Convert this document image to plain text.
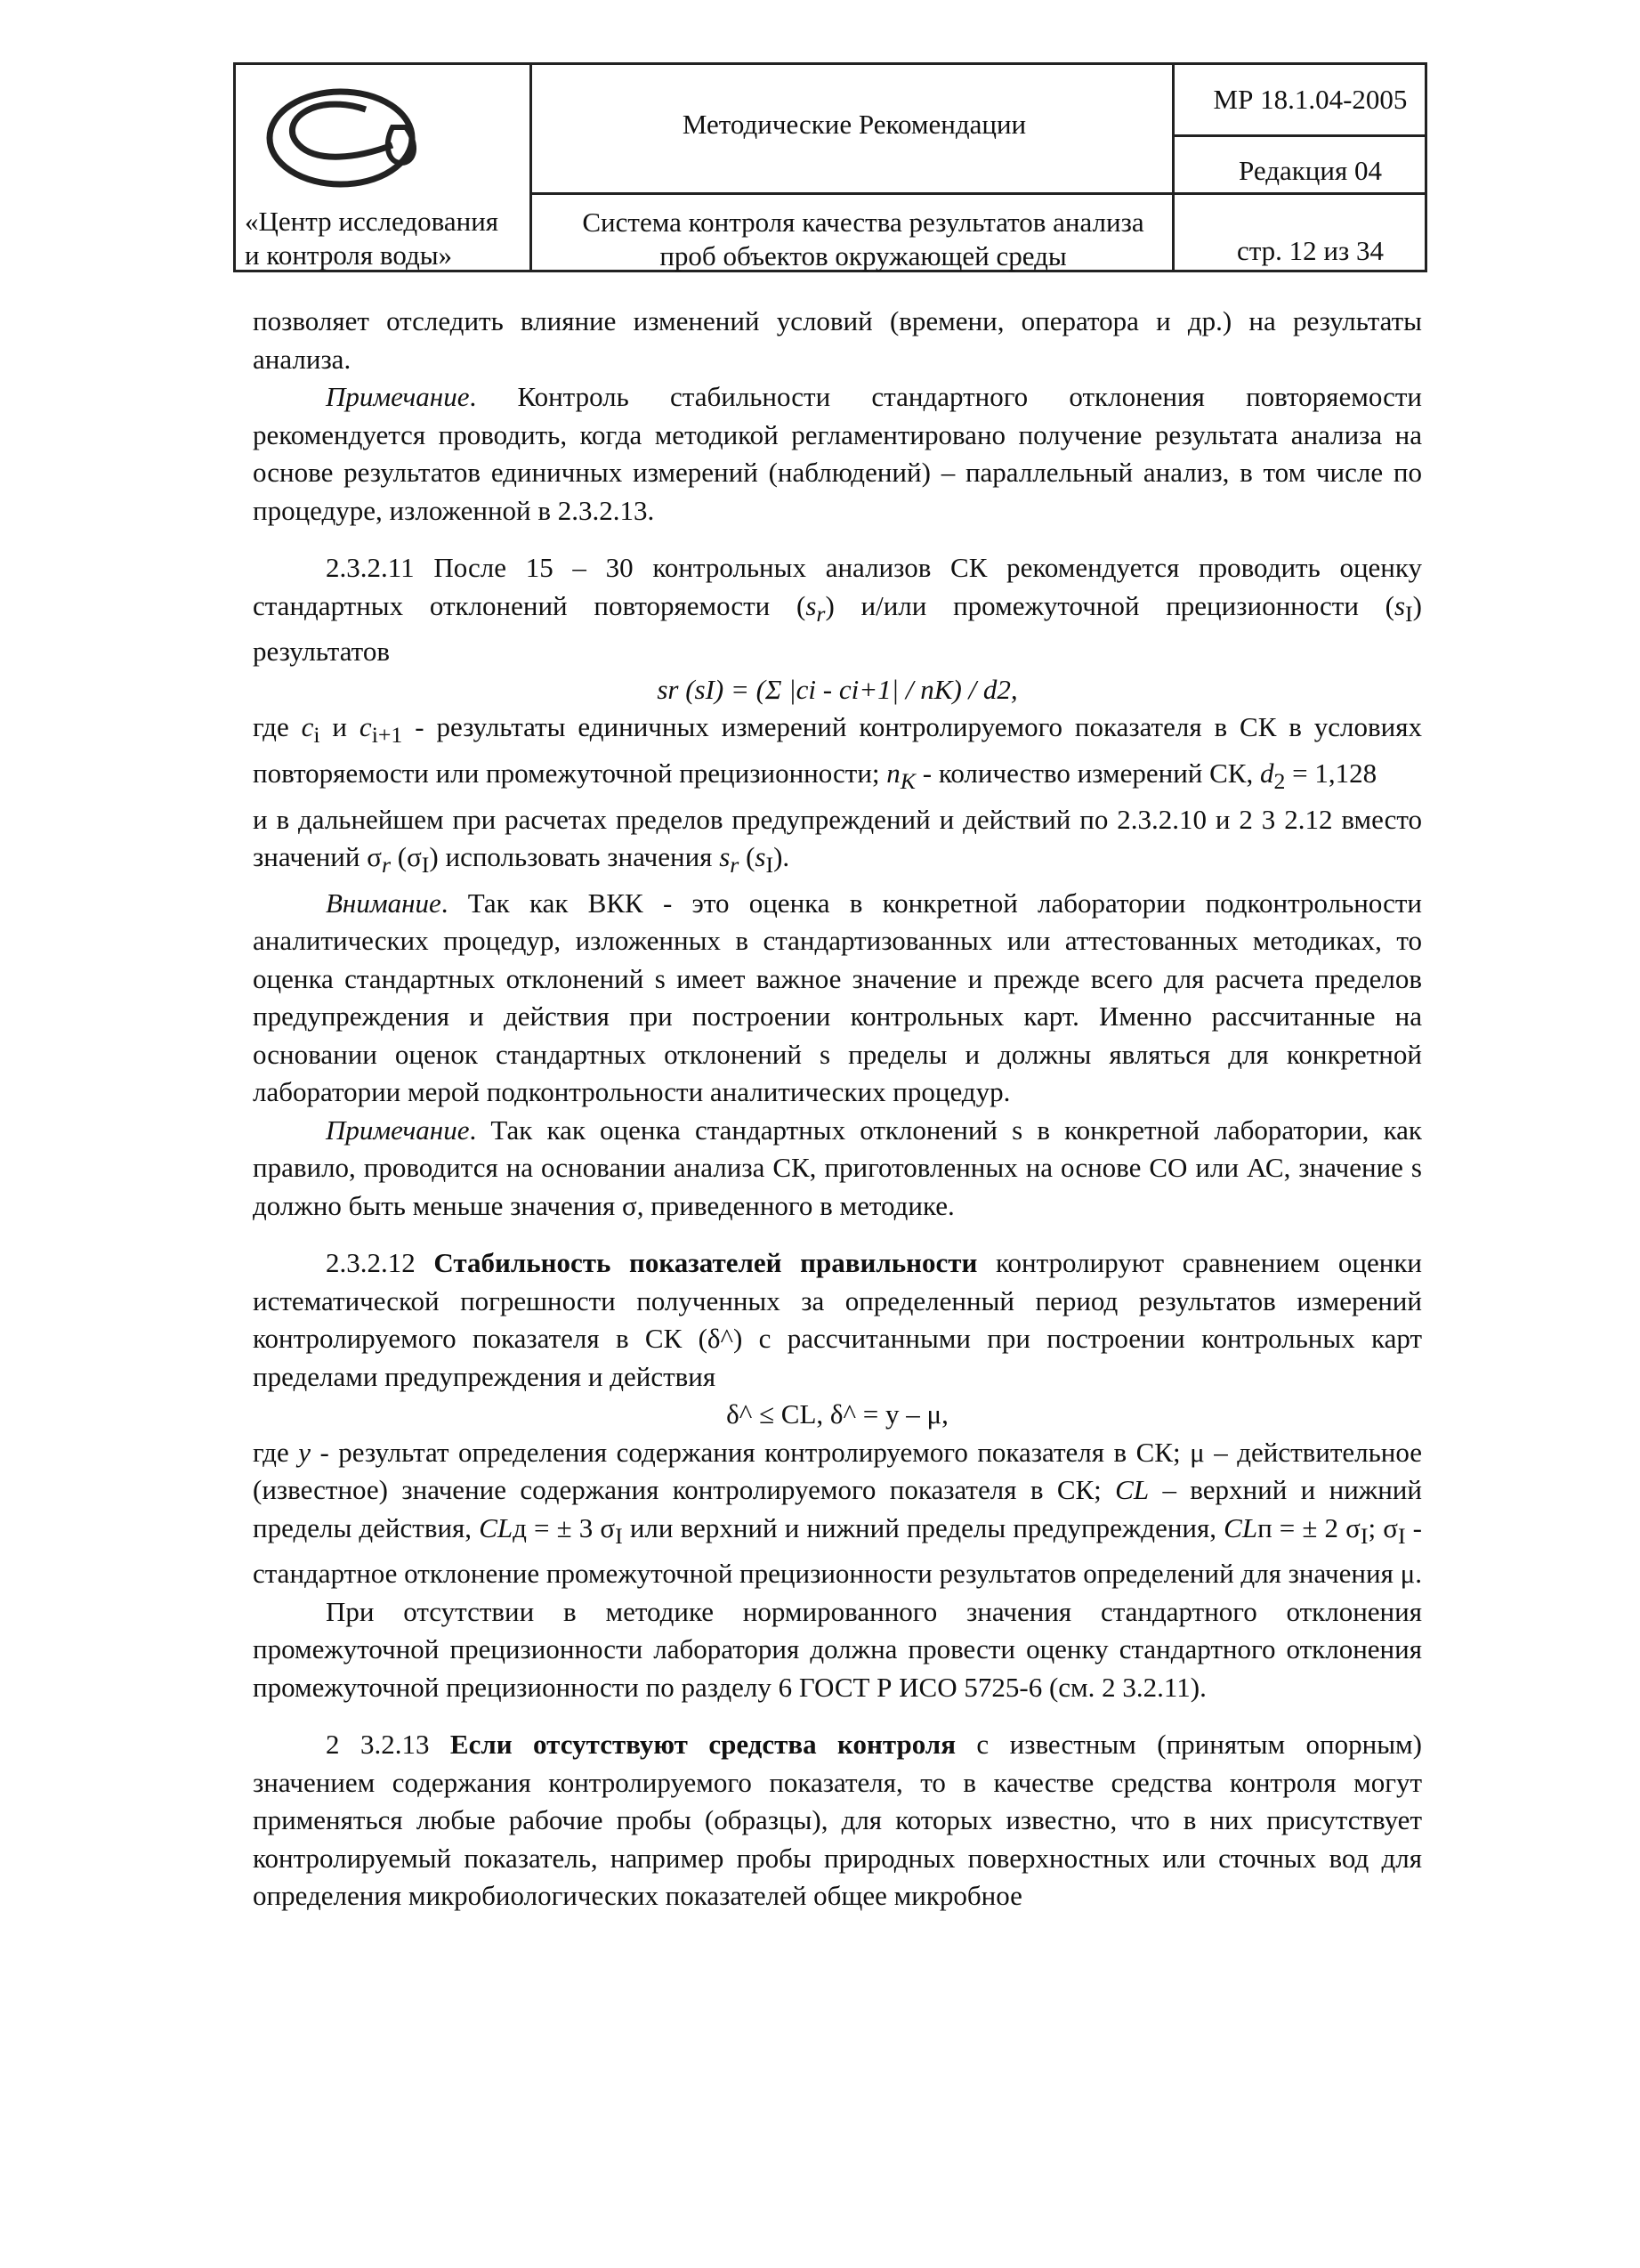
«Центр исследования
и контроля воды»
Методические Рекомендации
Система контроля качества результатов анализа
проб объектов окружающей среды
МР 18.1.04-2005
Редакция 04
стр. 12 из 34

позволяет отследить влияние изменений условий (времени, оператора и др.) на результаты анализа.

Примечание. Контроль стабильности стандартного отклонения повторяемости рекомендуется проводить, когда методикой регламентировано получение результата анализа на основе результатов единичных измерений (наблюдений) – параллельный анализ, в том числе по процедуре, изложенной в 2.3.2.13.

2.3.2.11 После 15 – 30 контрольных анализов СК рекомендуется проводить оценку стандартных отклонений повторяемости $(s_r)$ и/или промежуточной прецизионности $(s_I)$ результатов

sr (sI) = (Σ |ci - ci+1| / nK) / d2,

где $c_i$ и $c_{i+1}$ - результаты единичных измерений контролируемого показателя в СК в условиях повторяемости или промежуточной прецизионности; $n_K$ - количество измерений СК, $d_2 = 1,128$

и в дальнейшем при расчетах пределов предупреждений и действий по 2.3.2.10 и 2 3 2.12 вместо значений $\sigma_r$ $(\sigma_I)$ использовать значения $s_r$ $(s_I)$.

Внимание. Так как ВКК - это оценка в конкретной лаборатории подконтрольности аналитических процедур, изложенных в стандартизованных или аттестованных методиках, то оценка стандартных отклонений s имеет важное значение и прежде всего для расчета пределов предупреждения и действия при построении контрольных карт. Именно рассчитанные на основании оценок стандартных отклонений s пределы и должны являться для конкретной лаборатории мерой подконтрольности аналитических процедур.

Примечание. Так как оценка стандартных отклонений s в конкретной лаборатории, как правило, проводится на основании анализа СК, приготовленных на основе СО или АС, значение s должно быть меньше значения σ, приведенного в методике.

2.3.2.12 Стабильность показателей правильности контролируют сравнением оценки истематической погрешности полученных за определенный период результатов измерений контролируемого показателя в СК (δ^) с рассчитанными при построении контрольных карт пределами предупреждения и действия

δ^ ≤ CL, δ^ = y – μ,

где y - результат определения содержания контролируемого показателя в СК; μ – действительное (известное) значение содержания контролируемого показателя в СК; CL – верхний и нижний пределы действия, CLд = ± 3 $\sigma_I$ или верхний и нижний пределы предупреждения, CLп = ± 2 $\sigma_I$; $\sigma_I$ - стандартное отклонение промежуточной прецизионности результатов определений для значения μ.

При отсутствии в методике нормированного значения стандартного отклонения промежуточной прецизионности лаборатория должна провести оценку стандартного отклонения промежуточной прецизионности по разделу 6 ГОСТ Р ИСО 5725-6 (см. 2 3.2.11).

2 3.2.13 Если отсутствуют средства контроля с известным (принятым опорным) значением содержания контролируемого показателя, то в качестве средства контроля могут применяться любые рабочие пробы (образцы), для которых известно, что в них присутствует контролируемый показатель, например пробы природных поверхностных или сточных вод для определения микробиологических показателей общее микробное
